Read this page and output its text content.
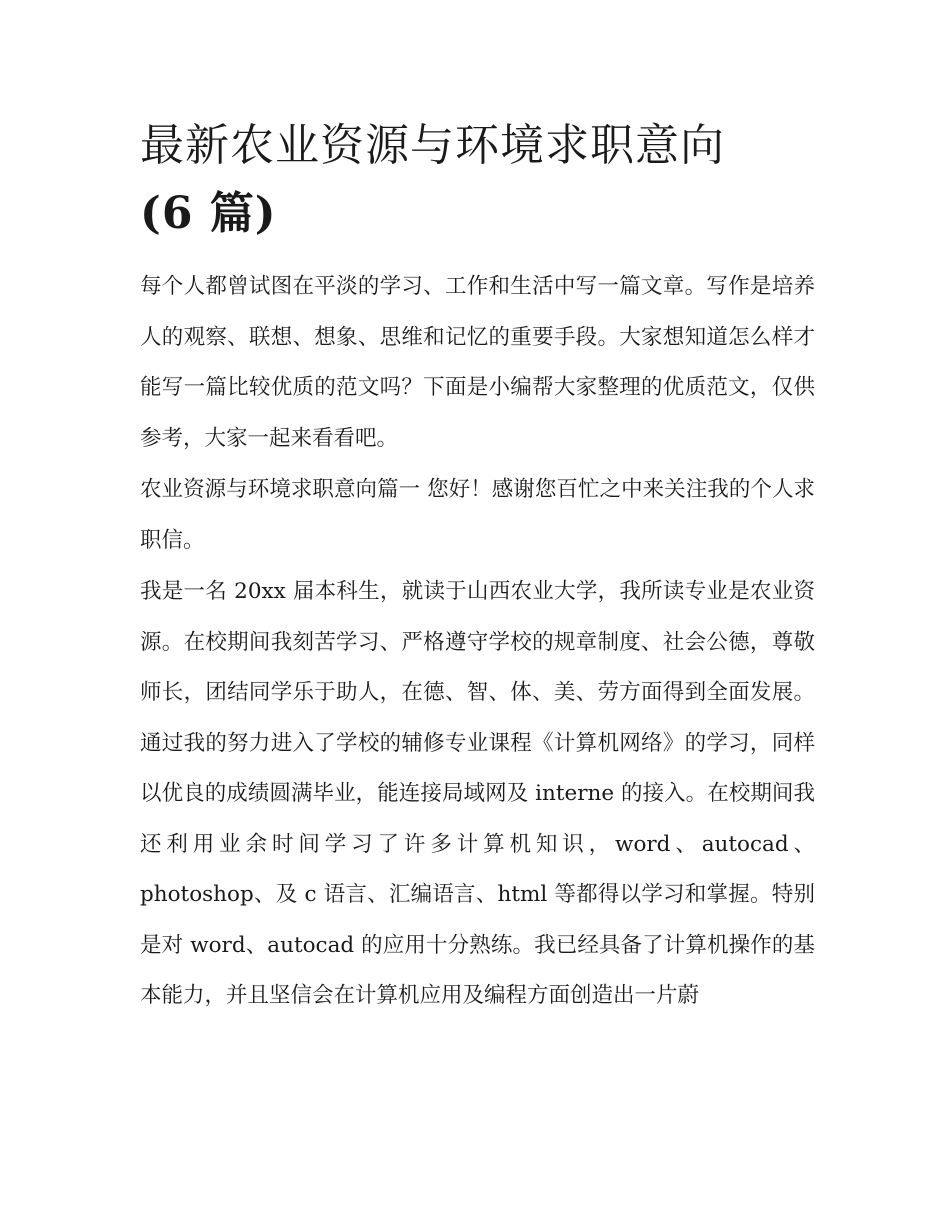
最新农业资源与环境求职意向
(6 篇)

每个人都曾试图在平淡的学习、工作和生活中写一篇文章。写作是培养人的观察、联想、想象、思维和记忆的重要手段。大家想知道怎么样才能写一篇比较优质的范文吗？下面是小编帮大家整理的优质范文，仅供参考，大家一起来看看吧。

农业资源与环境求职意向篇一 您好！感谢您百忙之中来关注我的个人求职信。

我是一名 20xx 届本科生，就读于山西农业大学，我所读专业是农业资源。在校期间我刻苦学习、严格遵守学校的规章制度、社会公德，尊敬师长，团结同学乐于助人，在德、智、体、美、劳方面得到全面发展。通过我的努力进入了学校的辅修专业课程《计算机网络》的学习，同样以优良的成绩圆满毕业，能连接局域网及 interne 的接入。在校期间我还利用业余时间学习了许多计算机知识，word、autocad、photoshop、及 c 语言、汇编语言、html 等都得以学习和掌握。特别是对 word、autocad 的应用十分熟练。我已经具备了计算机操作的基本能力，并且坚信会在计算机应用及编程方面创造出一片蔚
